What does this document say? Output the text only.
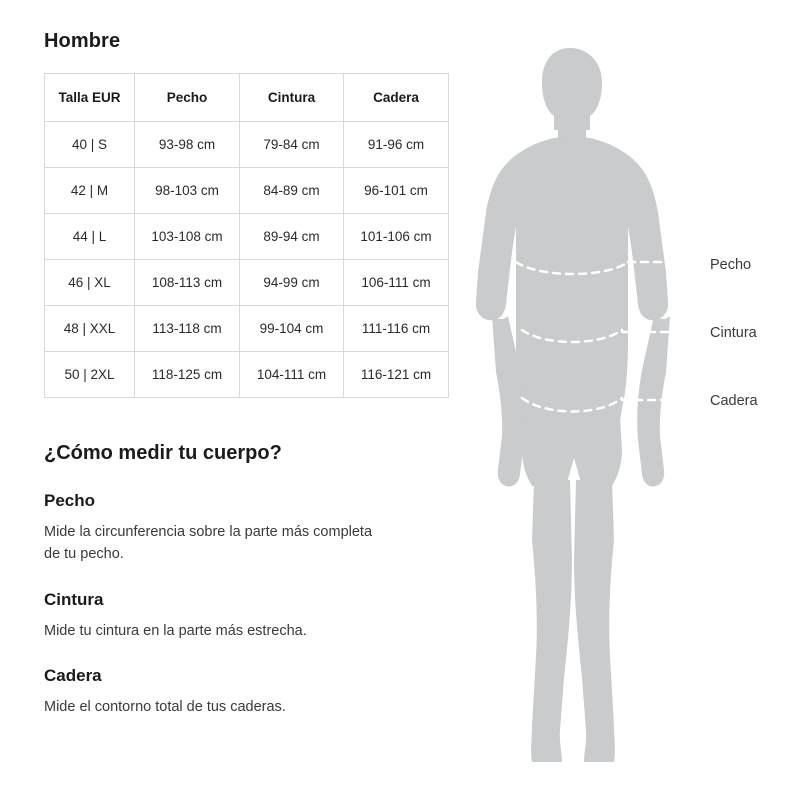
Hombre
Talla EUR	Pecho	Cintura	Cadera
40 | S	93-98 cm	79-84 cm	91-96 cm
42 | M	98-103 cm	84-89 cm	96-101 cm
44 | L	103-108 cm	89-94 cm	101-106 cm
46 | XL	108-113 cm	94-99 cm	106-111 cm
48 | XXL	113-118 cm	99-104 cm	111-116 cm
50 | 2XL	118-125 cm	104-111 cm	116-121 cm
¿Cómo medir tu cuerpo?
Pecho

Mide la circunferencia sobre la parte más completa de tu pecho.

Cintura

Mide tu cintura en la parte más estrecha.

Cadera

Mide el contorno total de tus caderas.

Pecho
Cintura
Cadera
